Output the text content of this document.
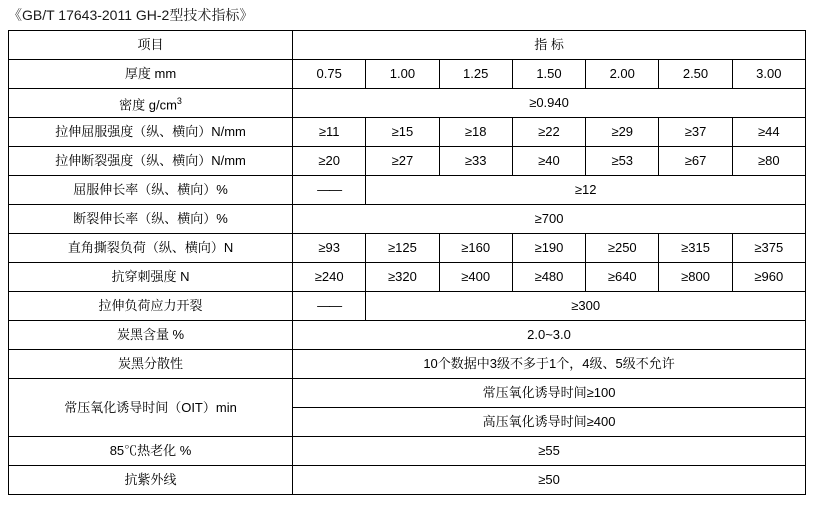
《GB/T 17643-2011 GH-2型技术指标》
项目	指 标						
厚度 mm	0.75	1.00	1.25	1.50	2.00	2.50	3.00
密度 $g/cm^3$	≥0.940						
拉伸屈服强度（纵、横向）N/mm	≥11	≥15	≥18	≥22	≥29	≥37	≥44
拉伸断裂强度（纵、横向）N/mm	≥20	≥27	≥33	≥40	≥53	≥67	≥80
屈服伸长率（纵、横向）%	——	≥12					
断裂伸长率（纵、横向）%	≥700						
直角撕裂负荷（纵、横向）N	≥93	≥125	≥160	≥190	≥250	≥315	≥375
抗穿刺强度 N	≥240	≥320	≥400	≥480	≥640	≥800	≥960
拉伸负荷应力开裂	——	≥300					
炭黑含量 %	2.0~3.0						
炭黑分散性	10个数据中3级不多于1个，4级、5级不允许						
常压氧化诱导时间（OIT）min	常压氧化诱导时间≥100						
	高压氧化诱导时间≥400						
85℃热老化 %	≥55						
抗紫外线	≥50						
